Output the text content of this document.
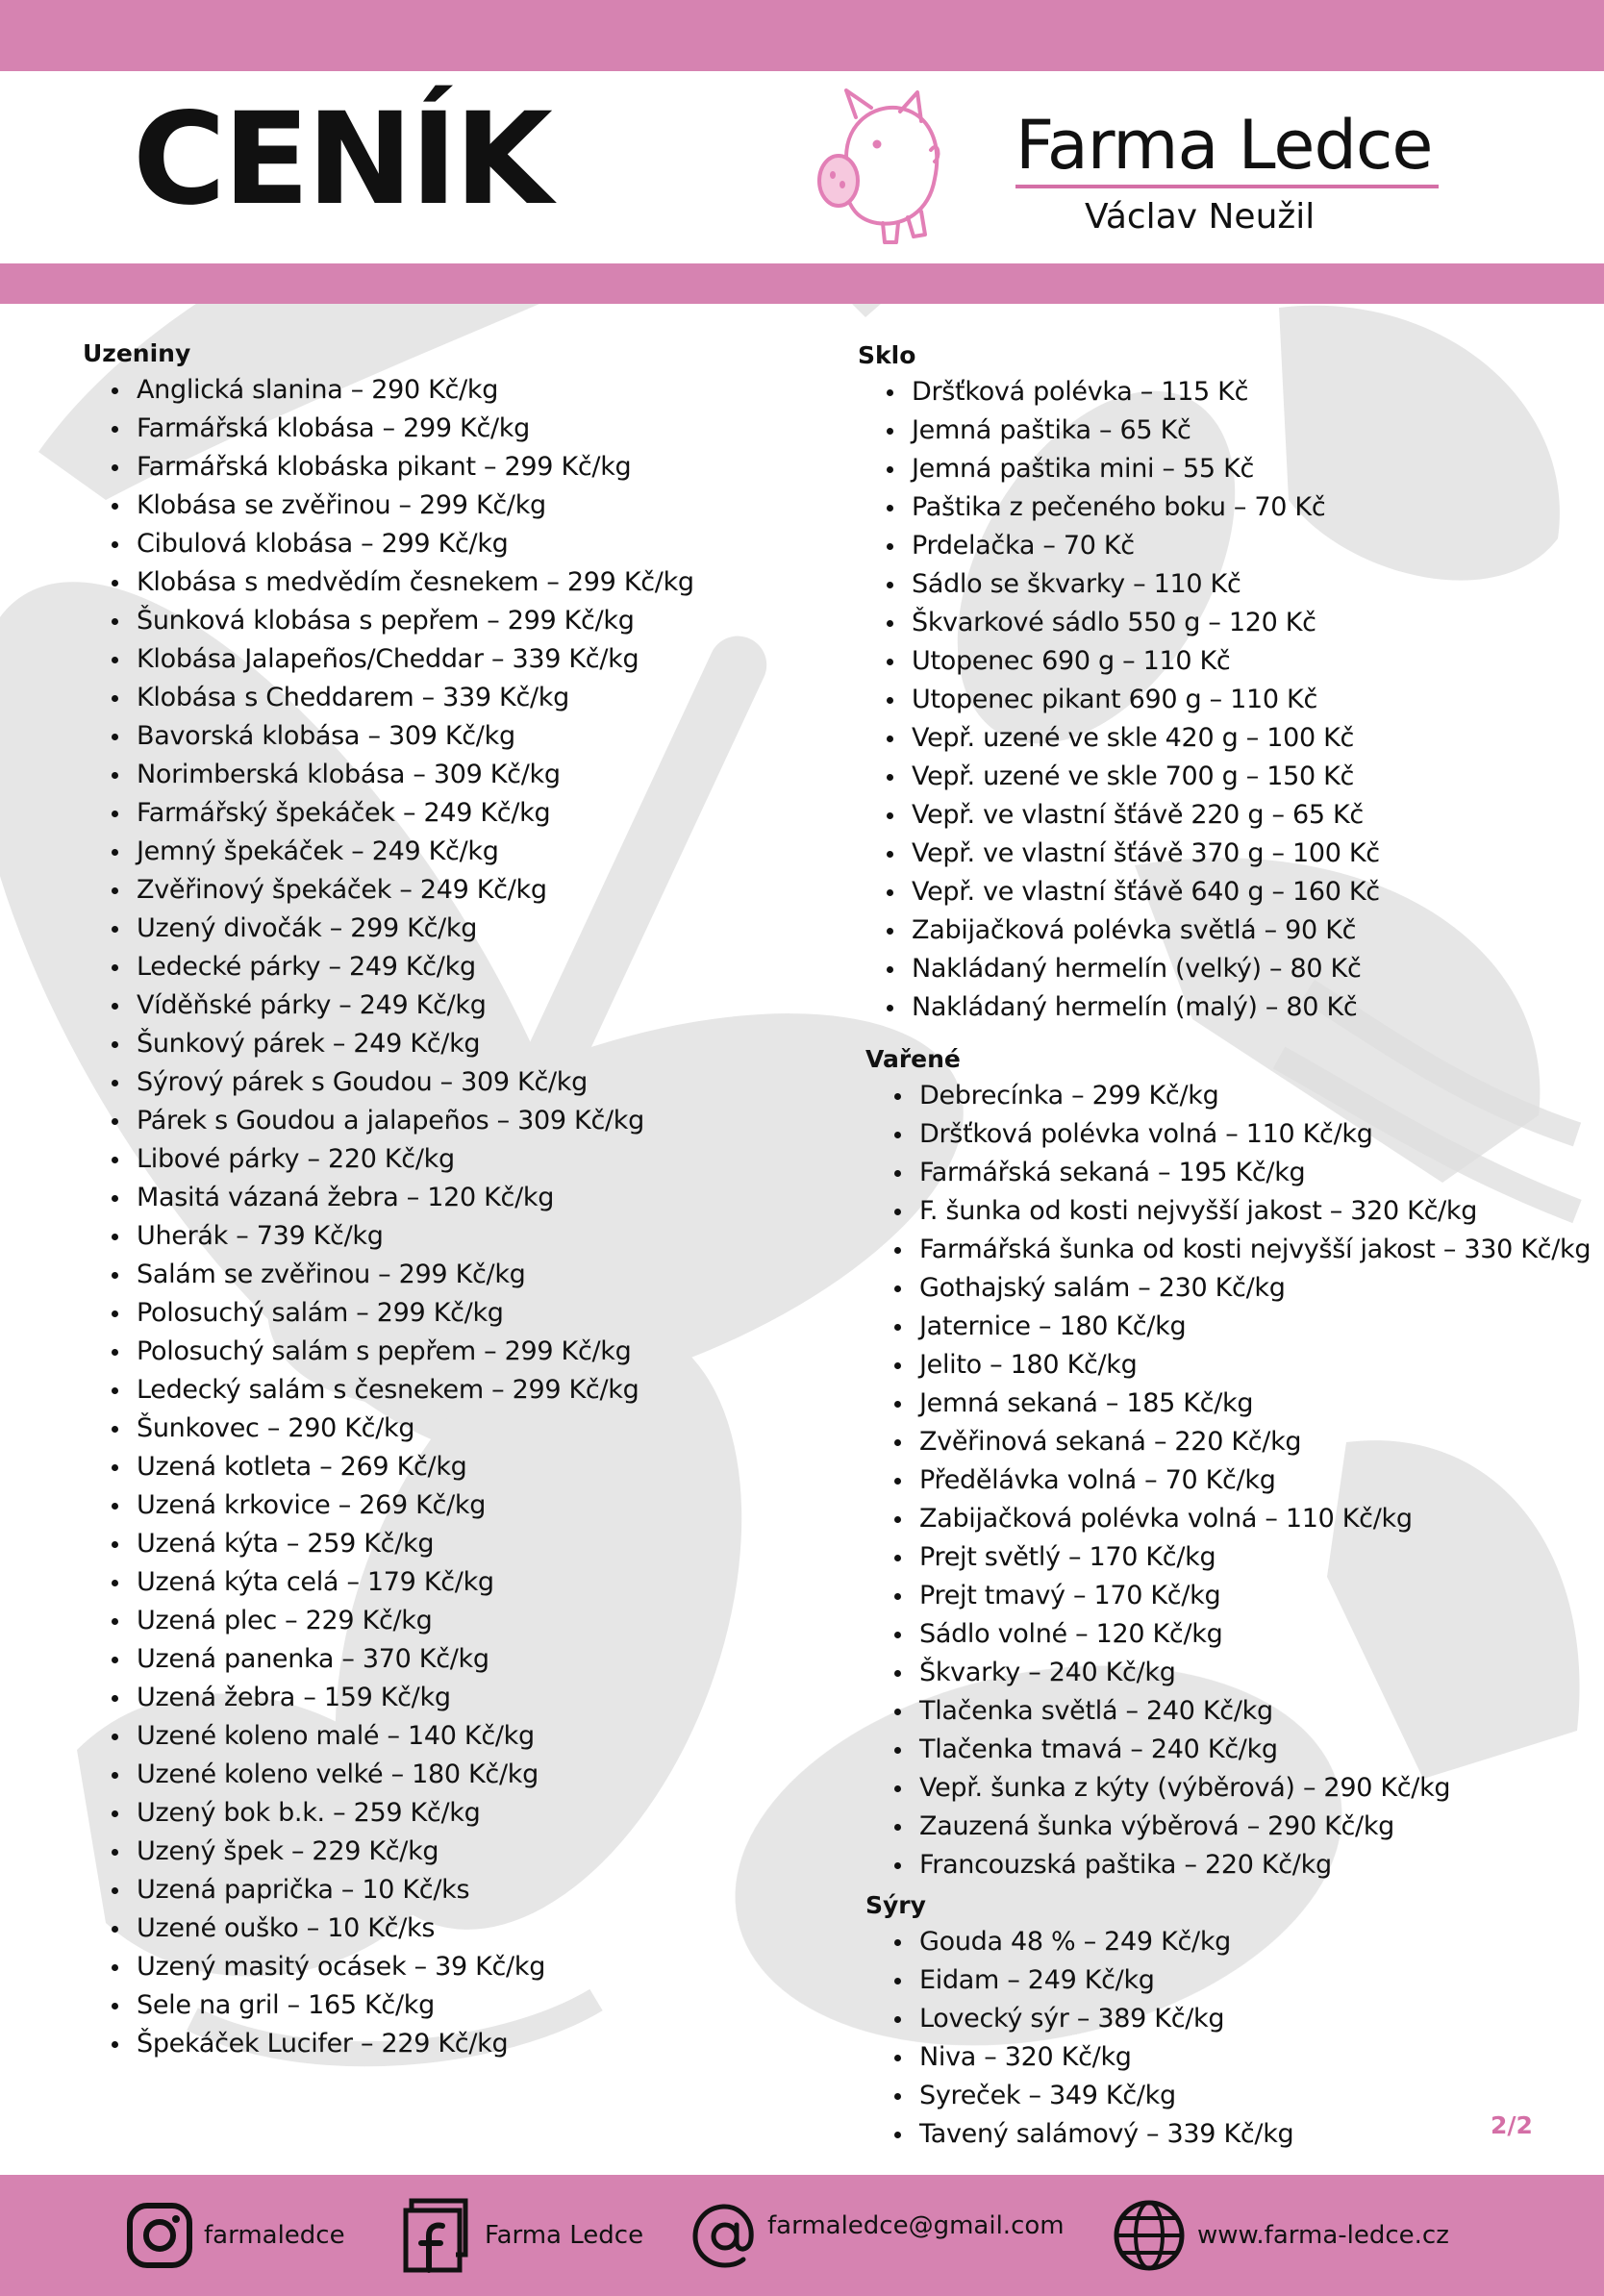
CENÍK	Farma Ledce
Václav Neužil
Uzeniny
Anglická slanina – 290 Kč/kg
Farmářská klobása – 299 Kč/kg
Farmářská klobáska pikant – 299 Kč/kg
Klobása se zvěřinou – 299 Kč/kg
Cibulová klobása – 299 Kč/kg
Klobása s medvědím česnekem – 299 Kč/kg
Šunková klobása s pepřem – 299 Kč/kg
Klobása Jalapeños/Cheddar – 339 Kč/kg
Klobása s Cheddarem – 339 Kč/kg
Bavorská klobása – 309 Kč/kg
Norimberská klobása – 309 Kč/kg
Farmářský špekáček – 249 Kč/kg
Jemný špekáček – 249 Kč/kg
Zvěřinový špekáček – 249 Kč/kg
Uzený divočák – 299 Kč/kg
Ledecké párky – 249 Kč/kg
Víděňské párky – 249 Kč/kg
Šunkový párek – 249 Kč/kg
Sýrový párek s Goudou – 309 Kč/kg
Párek s Goudou a jalapeños – 309 Kč/kg
Libové párky – 220 Kč/kg
Masitá vázaná žebra – 120 Kč/kg
Uherák – 739 Kč/kg
Salám se zvěřinou – 299 Kč/kg
Polosuchý salám – 299 Kč/kg
Polosuchý salám s pepřem – 299 Kč/kg
Ledecký salám s česnekem – 299 Kč/kg
Šunkovec – 290 Kč/kg
Uzená kotleta – 269 Kč/kg
Uzená krkovice – 269 Kč/kg
Uzená kýta – 259 Kč/kg
Uzená kýta celá – 179 Kč/kg
Uzená plec – 229 Kč/kg
Uzená panenka – 370 Kč/kg
Uzená žebra – 159 Kč/kg
Uzené koleno malé – 140 Kč/kg
Uzené koleno velké – 180 Kč/kg
Uzený bok b.k. – 259 Kč/kg
Uzený špek – 229 Kč/kg
Uzená paprička – 10 Kč/ks
Uzené ouško – 10 Kč/ks
Uzený masitý ocásek – 39 Kč/kg
Sele na gril – 165 Kč/kg
Špekáček Lucifer – 229 Kč/kg
Sklo
Dršťková polévka – 115 Kč
Jemná paštika – 65 Kč
Jemná paštika mini – 55 Kč
Paštika z pečeného boku – 70 Kč
Prdelačka – 70 Kč
Sádlo se škvarky – 110 Kč
Škvarkové sádlo 550 g – 120 Kč
Utopenec 690 g – 110 Kč
Utopenec pikant 690 g – 110 Kč
Vepř. uzené ve skle 420 g – 100 Kč
Vepř. uzené ve skle 700 g – 150 Kč
Vepř. ve vlastní šťávě 220 g – 65 Kč
Vepř. ve vlastní šťávě 370 g – 100 Kč
Vepř. ve vlastní šťávě 640 g – 160 Kč
Zabijačková polévka světlá – 90 Kč
Nakládaný hermelín (velký) – 80 Kč
Nakládaný hermelín (malý) – 80 Kč
Vařené
Debrecínka – 299 Kč/kg
Dršťková polévka volná – 110 Kč/kg
Farmářská sekaná – 195 Kč/kg
F. šunka od kosti nejvyšší jakost – 320 Kč/kg
Farmářská šunka od kosti nejvyšší jakost – 330 Kč/kg
Gothajský salám – 230 Kč/kg
Jaternice – 180 Kč/kg
Jelito – 180 Kč/kg
Jemná sekaná – 185 Kč/kg
Zvěřinová sekaná – 220 Kč/kg
Předělávka volná – 70 Kč/kg
Zabijačková polévka volná – 110 Kč/kg
Prejt světlý – 170 Kč/kg
Prejt tmavý – 170 Kč/kg
Sádlo volné – 120 Kč/kg
Škvarky – 240 Kč/kg
Tlačenka světlá – 240 Kč/kg
Tlačenka tmavá – 240 Kč/kg
Vepř. šunka z kýty (výběrová) – 290 Kč/kg
Zauzená šunka výběrová – 290 Kč/kg
Francouzská paštika – 220 Kč/kg
Sýry
Gouda 48 % – 249 Kč/kg
Eidam – 249 Kč/kg
Lovecký sýr – 389 Kč/kg
Niva – 320 Kč/kg
Syreček – 349 Kč/kg
Tavený salámový – 339 Kč/kg	2/2
farmaledce	Farma Ledce	farmaledce@gmail.com	www.farma-ledce.cz
